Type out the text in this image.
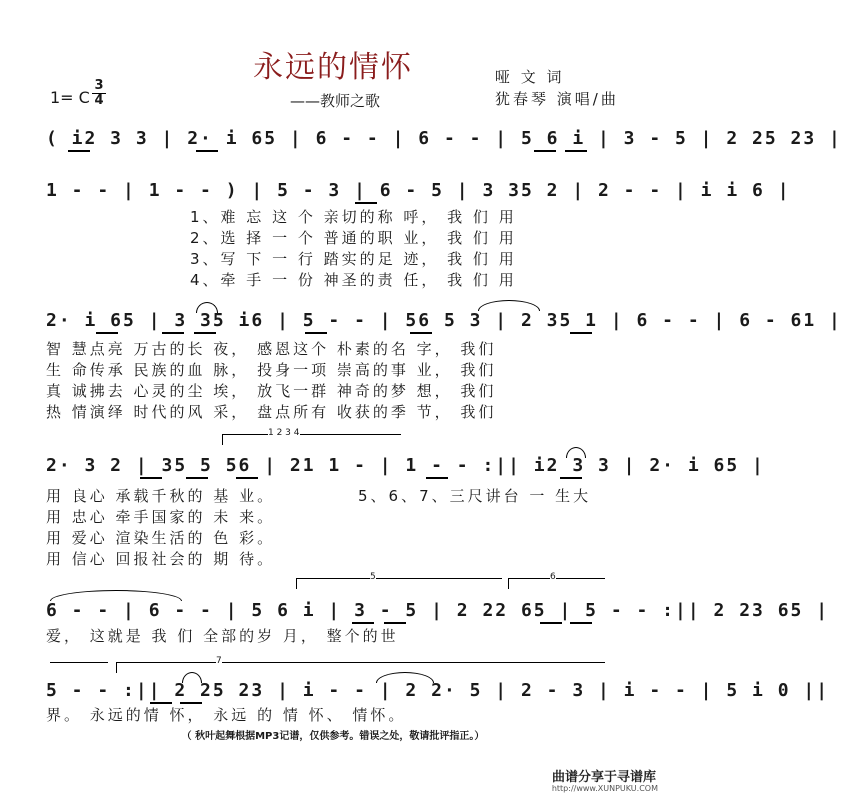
永远的情怀
——教师之歌
1= C
3
4
哑 文 词
犹春琴 演唱/曲
( i2 3 3 | 2· i 65 | 6 - - | 6 - - | 5 6 i | 3 - 5 | 2 25 23 |
1 - - | 1 - - ) | 5 - 3 | 6 - 5 | 3 35 2 | 2 - - | i i 6 |
1、难 忘 这 个 亲切的称 呼， 我 们 用
2、选 择 一 个 普通的职 业， 我 们 用
3、写 下 一 行 踏实的足 迹， 我 们 用
4、牵 手 一 份 神圣的责 任， 我 们 用
2· i 65 | 3 35 i6 | 5 - - | 56 5 3 | 2 35 1 | 6 - - | 6 - 61 |
智 慧点亮 万古的长 夜， 感恩这个 朴素的名 字， 我们
生 命传承 民族的血 脉， 投身一项 崇高的事 业， 我们
真 诚拂去 心灵的尘 埃， 放飞一群 神奇的梦 想， 我们
热 情演绎 时代的风 采， 盘点所有 收获的季 节， 我们
1 2 3 4
2· 3 2 | 35 5 56 | 21 1 - | 1 - - :|| i2 3 3 | 2· i 65 |
用 良心 承载千秋的 基 业。	5、6、7、三尺讲台 一 生大
用 忠心 牵手国家的 未 来。
用 爱心 渲染生活的 色 彩。
用 信心 回报社会的 期 待。
5	6
6 - - | 6 - - | 5 6 i | 3 - 5 | 2 22 65 | 5 - - :|| 2 23 65 |
爱， 这就是 我 们 全部的岁 月， 整个的世
7
5 - - :|| 2 25 23 | i - - | 2 2· 5 | 2 - 3 | i - - | 5 i 0 ||
界。 永远的情 怀， 永远 的 情 怀、 情怀。
（ 秋叶起舞根据MP3记谱，仅供参考。错误之处，敬请批评指正。）
曲谱分享于寻谱库
http://www.XUNPUKU.COM
